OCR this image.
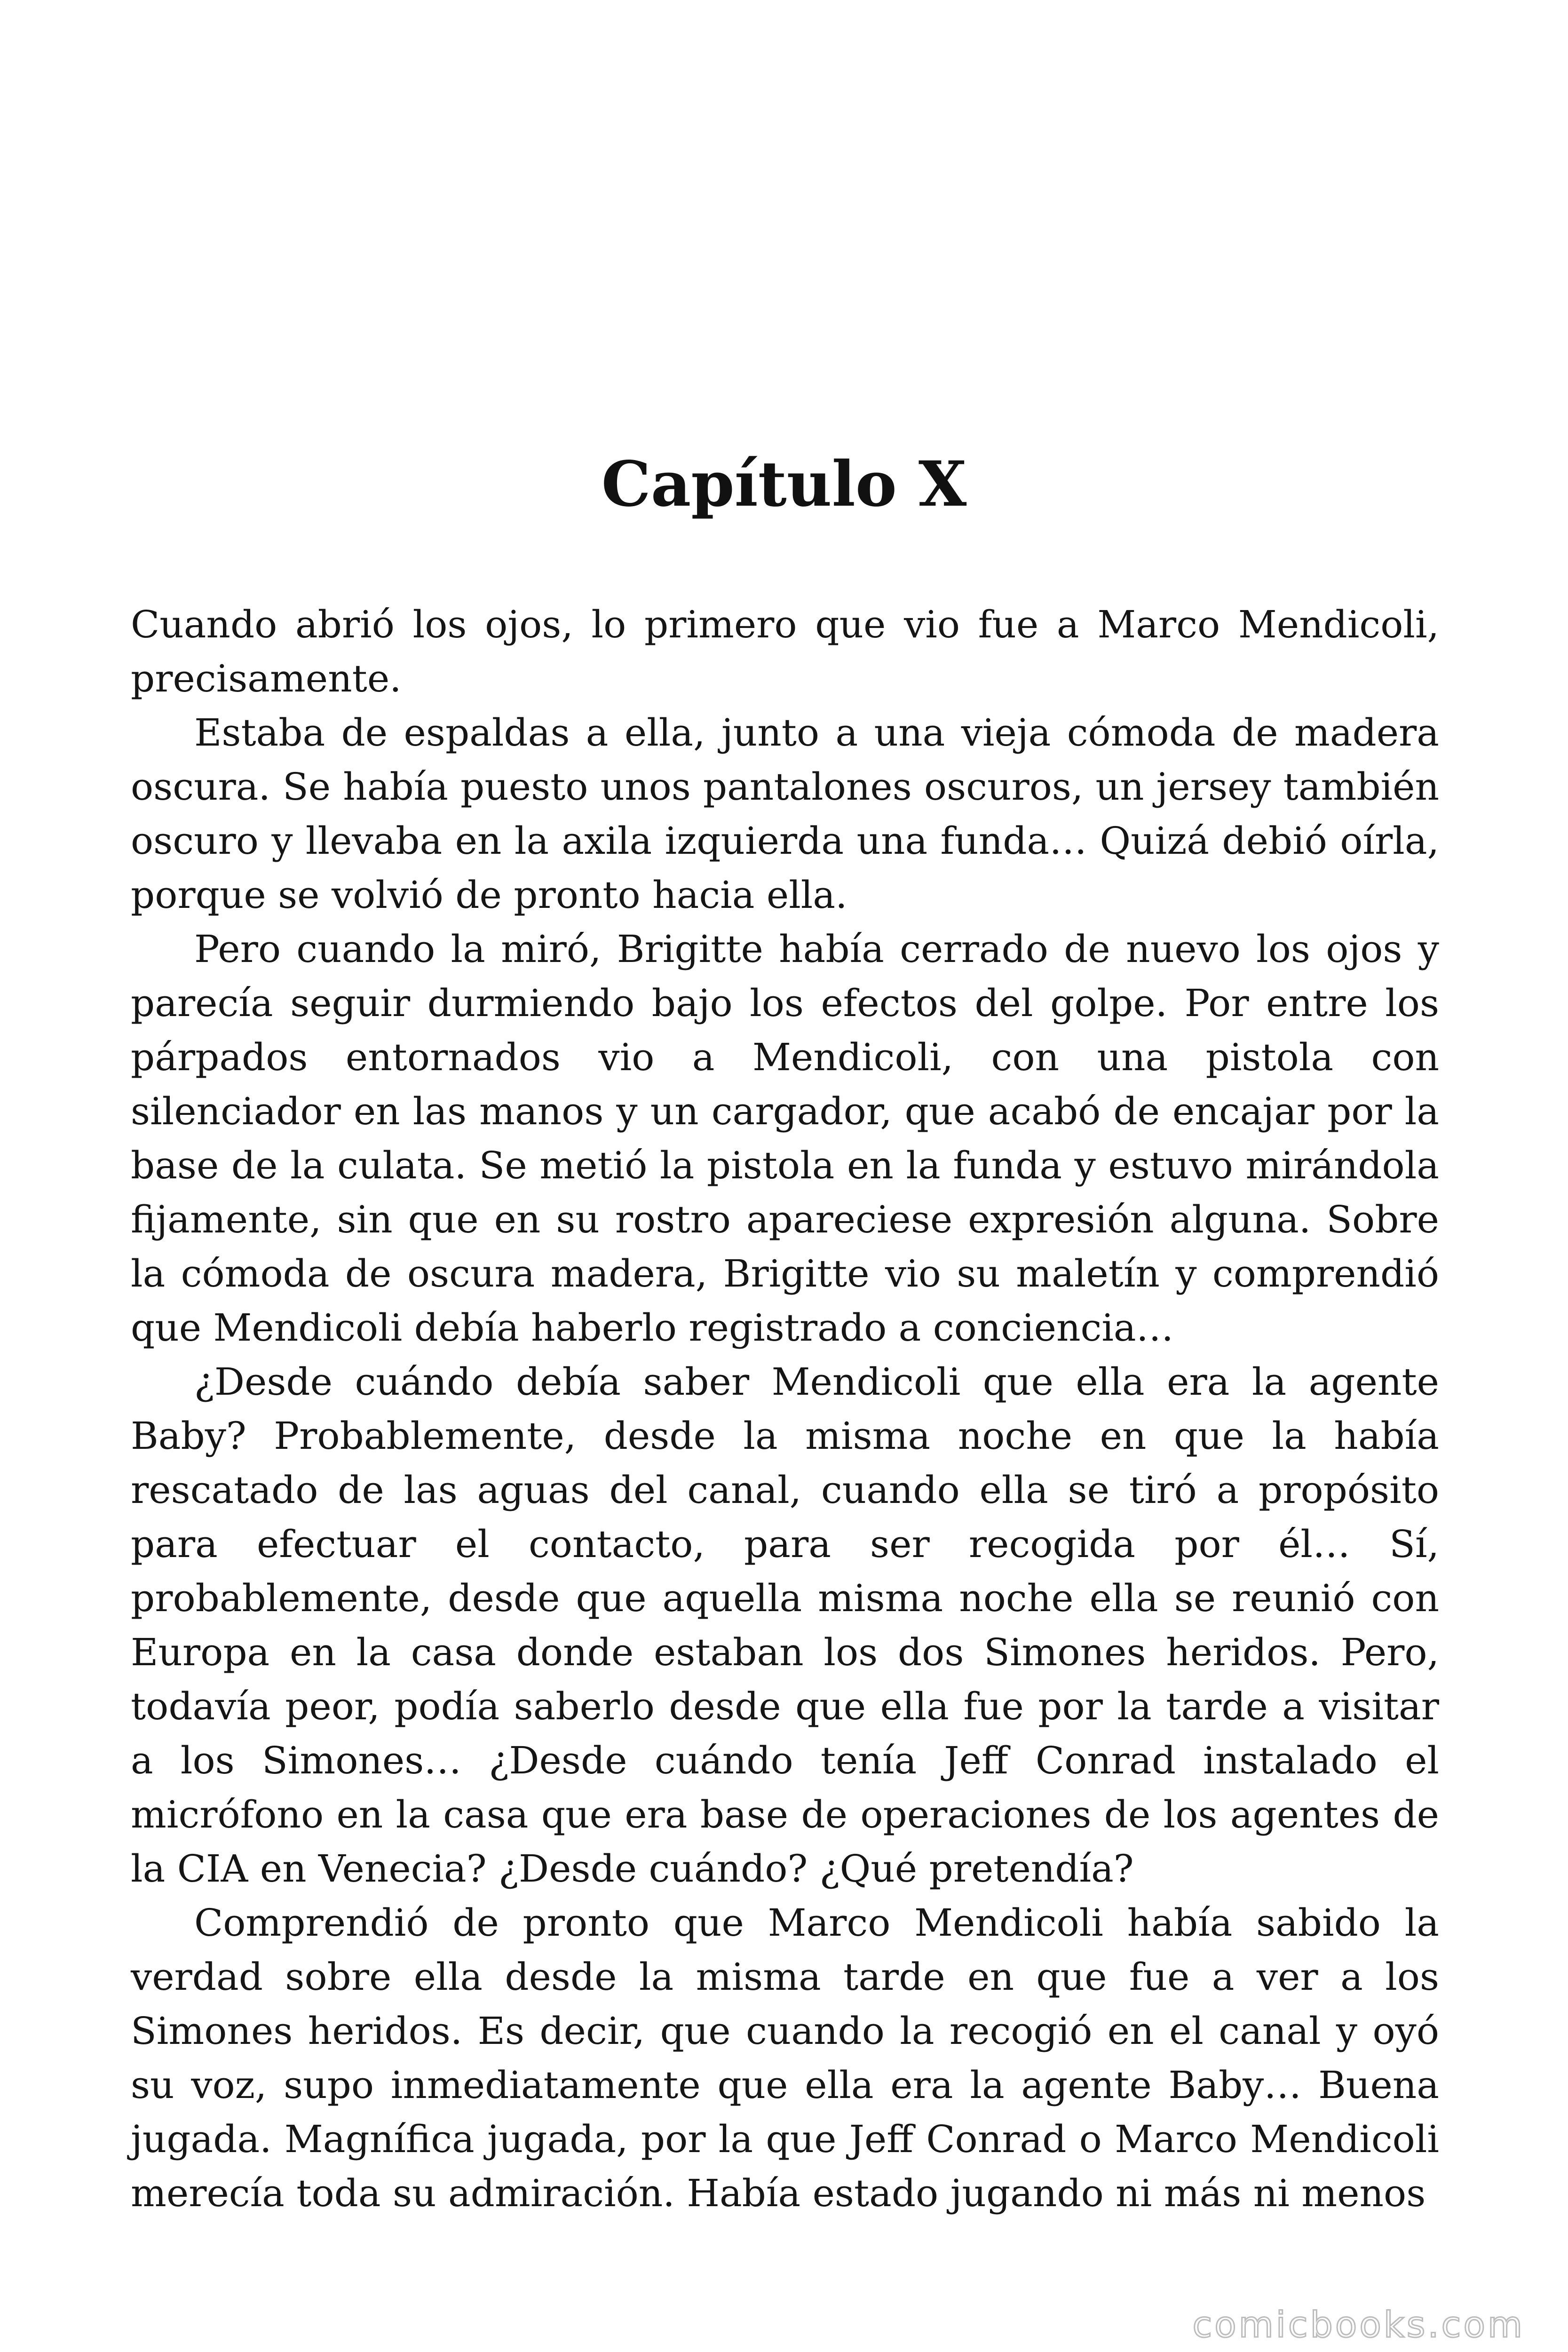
Capítulo X

Cuando abrió los ojos, lo primero que vio fue a Marco Mendicoli, precisamente.

Estaba de espaldas a ella, junto a una vieja cómoda de madera oscura. Se había puesto unos pantalones oscuros, un jersey también oscuro y llevaba en la axila izquierda una funda… Quizá debió oírla, porque se volvió de pronto hacia ella.

Pero cuando la miró, Brigitte había cerrado de nuevo los ojos y parecía seguir durmiendo bajo los efectos del golpe. Por entre los párpados entornados vio a Mendicoli, con una pistola con silenciador en las manos y un cargador, que acabó de encajar por la base de la culata. Se metió la pistola en la funda y estuvo mirándola fijamente, sin que en su rostro apareciese expresión alguna. Sobre la cómoda de oscura madera, Brigitte vio su maletín y comprendió que Mendicoli debía haberlo registrado a conciencia…

¿Desde cuándo debía saber Mendicoli que ella era la agente Baby? Probablemente, desde la misma noche en que la había rescatado de las aguas del canal, cuando ella se tiró a propósito para efectuar el contacto, para ser recogida por él… Sí, probablemente, desde que aquella misma noche ella se reunió con Europa en la casa donde estaban los dos Simones heridos. Pero, todavía peor, podía saberlo desde que ella fue por la tarde a visitar a los Simones… ¿Desde cuándo tenía Jeff Conrad instalado el micrófono en la casa que era base de operaciones de los agentes de la CIA en Venecia? ¿Desde cuándo? ¿Qué pretendía?

Comprendió de pronto que Marco Mendicoli había sabido la verdad sobre ella desde la misma tarde en que fue a ver a los Simones heridos. Es decir, que cuando la recogió en el canal y oyó su voz, supo inmediatamente que ella era la agente Baby… Buena jugada. Magnífica jugada, por la que Jeff Conrad o Marco Mendicoli merecía toda su admiración. Había estado jugando ni más ni menos

comicbooks.com
